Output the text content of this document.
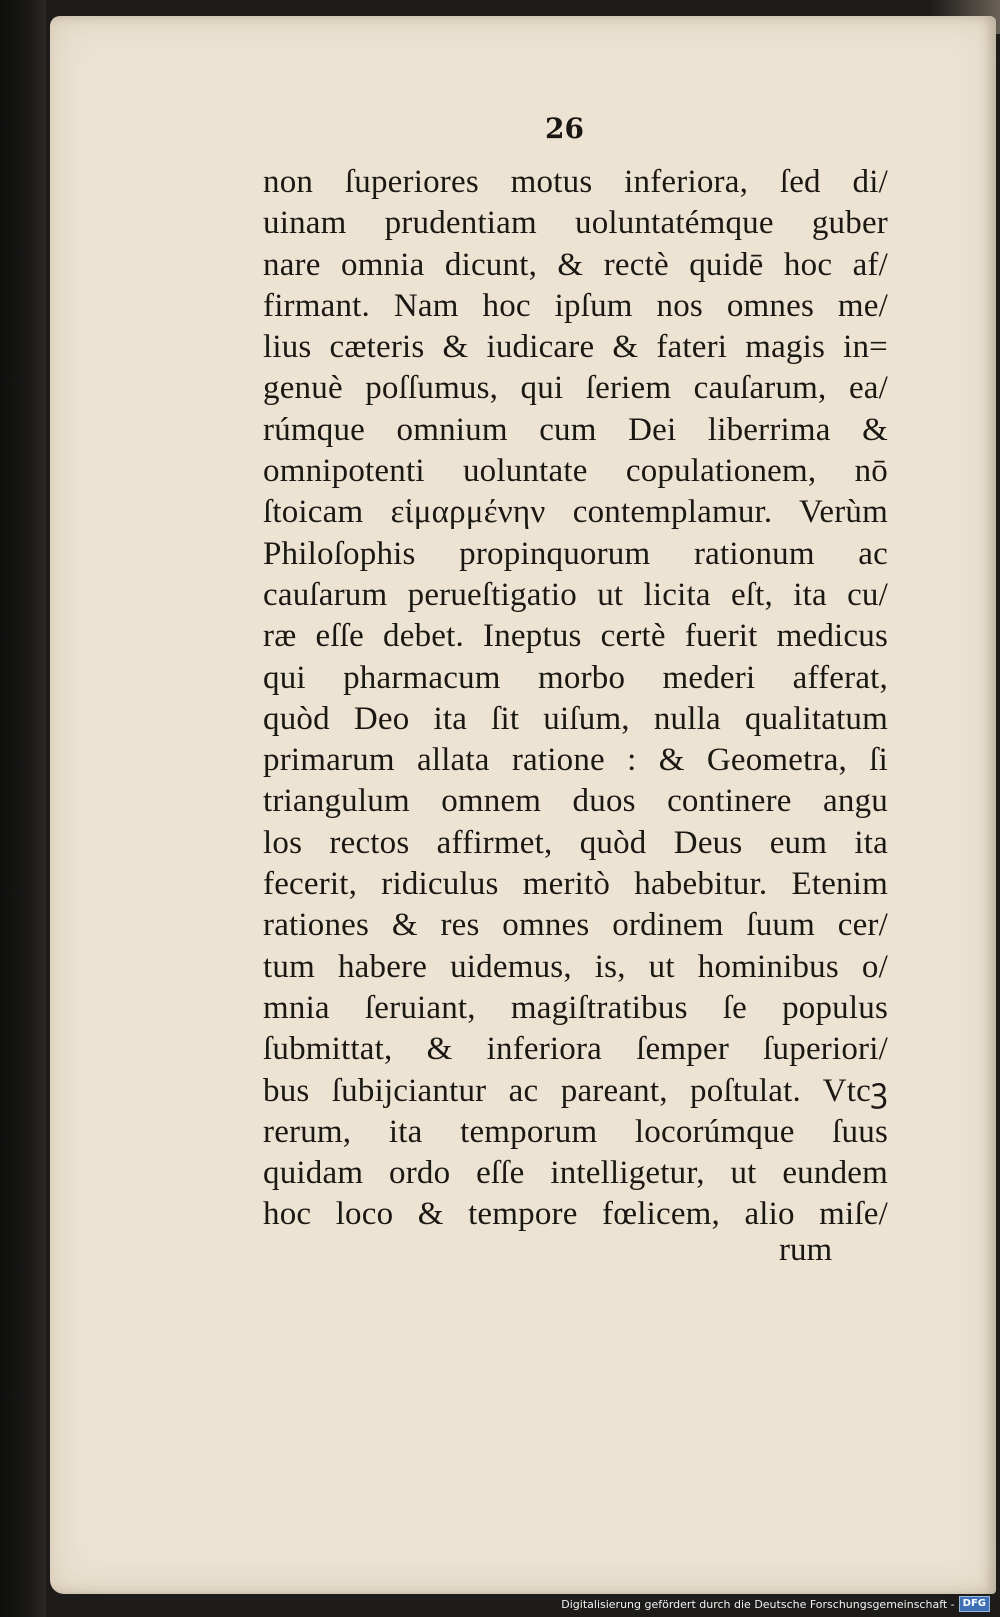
26

non ſuperiores motus inferiora, ſed di/
uinam prudentiam uoluntatémque guber
nare omnia dicunt, & rectè quidē hoc af/
firmant. Nam hoc ipſum nos omnes me/
lius cæteris & iudicare & fateri magis in=
genuè poſſumus, qui ſeriem cauſarum, ea/
rúmque omnium cum Dei liberrima &
omnipotenti uoluntate copulationem, nō
ſtoicam εἱμαρμένην contemplamur. Verùm
Philoſophis propinquorum rationum ac
cauſarum perueſtigatio ut licita eſt, ita cu/
ræ eſſe debet. Ineptus certè fuerit medicus
qui pharmacum morbo mederi afferat,
quòd Deo ita ſit uiſum, nulla qualitatum
primarum allata ratione : & Geometra, ſi
triangulum omnem duos continere angu
los rectos affirmet, quòd Deus eum ita
fecerit, ridiculus meritò habebitur. Etenim
rationes & res omnes ordinem ſuum cer/
tum habere uidemus, is, ut hominibus o/
mnia ſeruiant, magiſtratibus ſe populus
ſubmittat, & inferiora ſemper ſuperiori/
bus ſubijciantur ac pareant, poſtulat. Vtcꝫ
rerum, ita temporum locorúmque ſuus
quidam ordo eſſe intelligetur, ut eundem
hoc loco & tempore fœlicem, alio miſe/

rum

Digitalisierung gefördert durch die Deutsche Forschungsgemeinschaft - DFG
